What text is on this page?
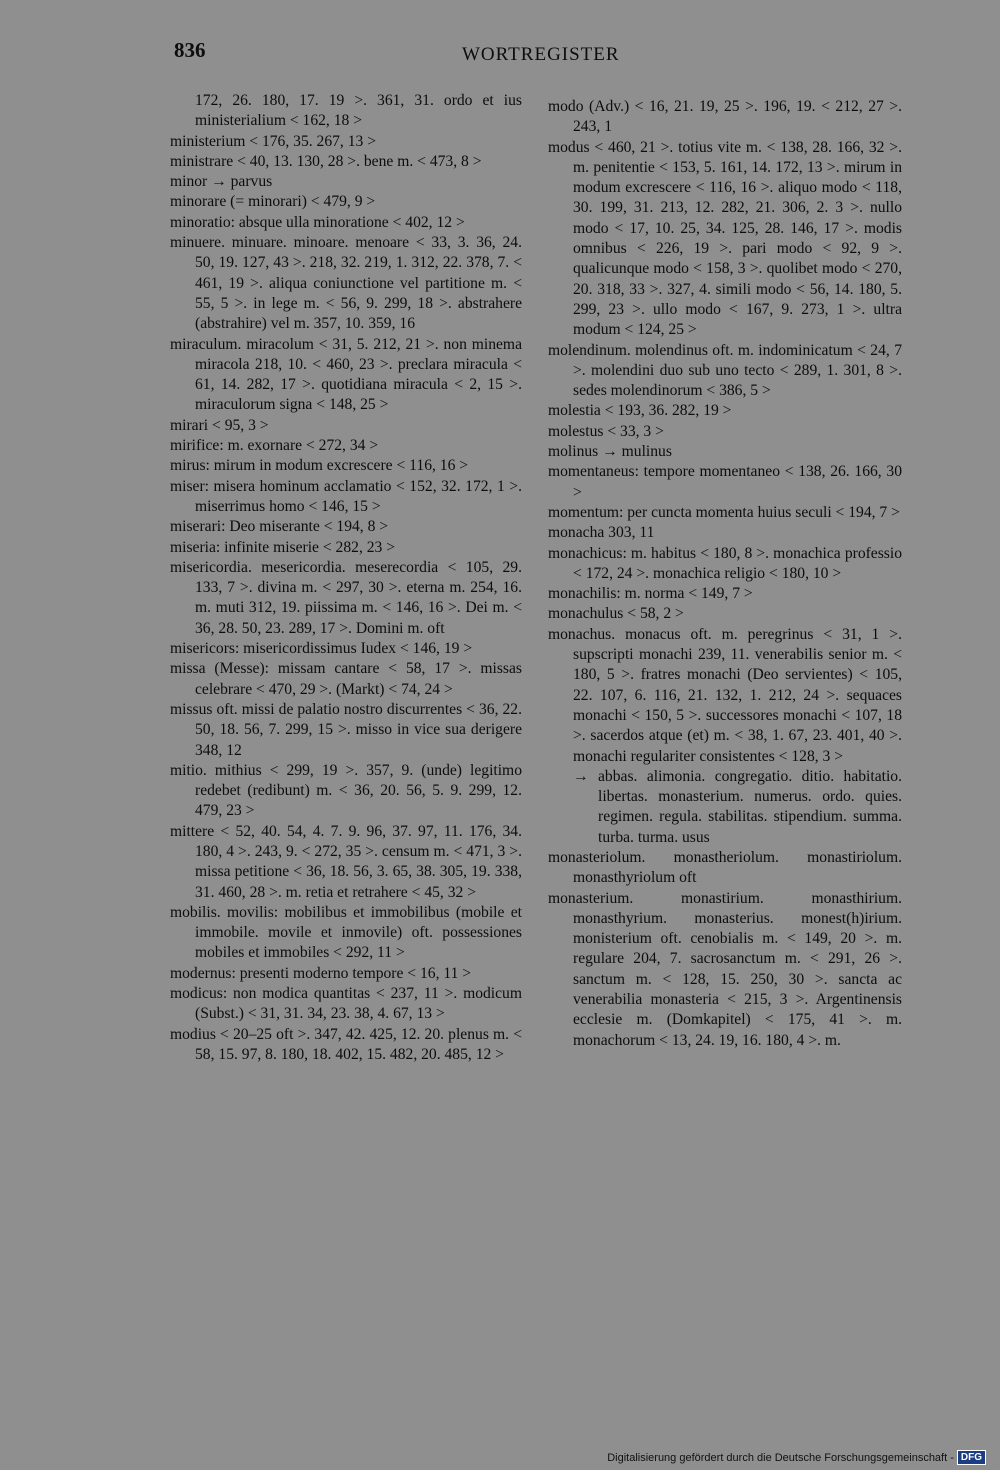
836	WORTREGISTER

172, 26. 180, 17. 19 >. 361, 31. ordo et ius ministerialium < 162, 18 >

ministerium < 176, 35. 267, 13 >

ministrare < 40, 13. 130, 28 >. bene m. < 473, 8 >

minor → parvus

minorare (= minorari) < 479, 9 >

minoratio: absque ulla minoratione < 402, 12 >

minuere. minuare. minoare. menoare < 33, 3. 36, 24. 50, 19. 127, 43 >. 218, 32. 219, 1. 312, 22. 378, 7. < 461, 19 >. aliqua coniunctione vel partitione m. < 55, 5 >. in lege m. < 56, 9. 299, 18 >. abstrahere (abstrahire) vel m. 357, 10. 359, 16

miraculum. miracolum < 31, 5. 212, 21 >. non minema miracola 218, 10. < 460, 23 >. preclara miracula < 61, 14. 282, 17 >. quotidiana miracula < 2, 15 >. miraculorum signa < 148, 25 >

mirari < 95, 3 >

mirifice: m. exornare < 272, 34 >

mirus: mirum in modum excrescere < 116, 16 >

miser: misera hominum acclamatio < 152, 32. 172, 1 >. miserrimus homo < 146, 15 >

miserari: Deo miserante < 194, 8 >

miseria: infinite miserie < 282, 23 >

misericordia. mesericordia. meserecordia < 105, 29. 133, 7 >. divina m. < 297, 30 >. eterna m. 254, 16. m. muti 312, 19. piissima m. < 146, 16 >. Dei m. < 36, 28. 50, 23. 289, 17 >. Domini m. oft

misericors: misericordissimus Iudex < 146, 19 >

missa (Messe): missam cantare < 58, 17 >. missas celebrare < 470, 29 >. (Markt) < 74, 24 >

missus oft. missi de palatio nostro discurrentes < 36, 22. 50, 18. 56, 7. 299, 15 >. misso in vice sua derigere 348, 12

mitio. mithius < 299, 19 >. 357, 9. (unde) legitimo redebet (redibunt) m. < 36, 20. 56, 5. 9. 299, 12. 479, 23 >

mittere < 52, 40. 54, 4. 7. 9. 96, 37. 97, 11. 176, 34. 180, 4 >. 243, 9. < 272, 35 >. censum m. < 471, 3 >. missa petitione < 36, 18. 56, 3. 65, 38. 305, 19. 338, 31. 460, 28 >. m. retia et retrahere < 45, 32 >

mobilis. movilis: mobilibus et immobilibus (mobile et immobile. movile et inmovile) oft. possessiones mobiles et immobiles < 292, 11 >

modernus: presenti moderno tempore < 16, 11 >

modicus: non modica quantitas < 237, 11 >. modicum (Subst.) < 31, 31. 34, 23. 38, 4. 67, 13 >

modius < 20–25 oft >. 347, 42. 425, 12. 20. plenus m. < 58, 15. 97, 8. 180, 18. 402, 15. 482, 20. 485, 12 >

modo (Adv.) < 16, 21. 19, 25 >. 196, 19. < 212, 27 >. 243, 1

modus < 460, 21 >. totius vite m. < 138, 28. 166, 32 >. m. penitentie < 153, 5. 161, 14. 172, 13 >. mirum in modum excrescere < 116, 16 >. aliquo modo < 118, 30. 199, 31. 213, 12. 282, 21. 306, 2. 3 >. nullo modo < 17, 10. 25, 34. 125, 28. 146, 17 >. modis omnibus < 226, 19 >. pari modo < 92, 9 >. qualicunque modo < 158, 3 >. quolibet modo < 270, 20. 318, 33 >. 327, 4. simili modo < 56, 14. 180, 5. 299, 23 >. ullo modo < 167, 9. 273, 1 >. ultra modum < 124, 25 >

molendinum. molendinus oft. m. indominicatum < 24, 7 >. molendini duo sub uno tecto < 289, 1. 301, 8 >. sedes molendinorum < 386, 5 >

molestia < 193, 36. 282, 19 >

molestus < 33, 3 >

molinus → mulinus

momentaneus: tempore momentaneo < 138, 26. 166, 30 >

momentum: per cuncta momenta huius seculi < 194, 7 >

monacha 303, 11

monachicus: m. habitus < 180, 8 >. monachica professio < 172, 24 >. monachica religio < 180, 10 >

monachilis: m. norma < 149, 7 >

monachulus < 58, 2 >

monachus. monacus oft. m. peregrinus < 31, 1 >. supscripti monachi 239, 11. venerabilis senior m. < 180, 5 >. fratres monachi (Deo servientes) < 105, 22. 107, 6. 116, 21. 132, 1. 212, 24 >. sequaces monachi < 150, 5 >. successores monachi < 107, 18 >. sacerdos atque (et) m. < 38, 1. 67, 23. 401, 40 >. monachi regulariter consistentes < 128, 3 >

→ abbas. alimonia. congregatio. ditio. habitatio. libertas. monasterium. numerus. ordo. quies. regimen. regula. stabilitas. stipendium. summa. turba. turma. usus

monasteriolum. monastheriolum. monastiriolum. monasthyriolum oft

monasterium. monastirium. monasthirium. monasthyrium. monasterius. monest(h)irium. monisterium oft. cenobialis m. < 149, 20 >. m. regulare 204, 7. sacrosanctum m. < 291, 26 >. sanctum m. < 128, 15. 250, 30 >. sancta ac venerabilia monasteria < 215, 3 >. Argentinensis ecclesie m. (Domkapitel) < 175, 41 >. m. monachorum < 13, 24. 19, 16. 180, 4 >. m.

Digitalisierung gefördert durch die Deutsche Forschungsgemeinschaft - DFG
